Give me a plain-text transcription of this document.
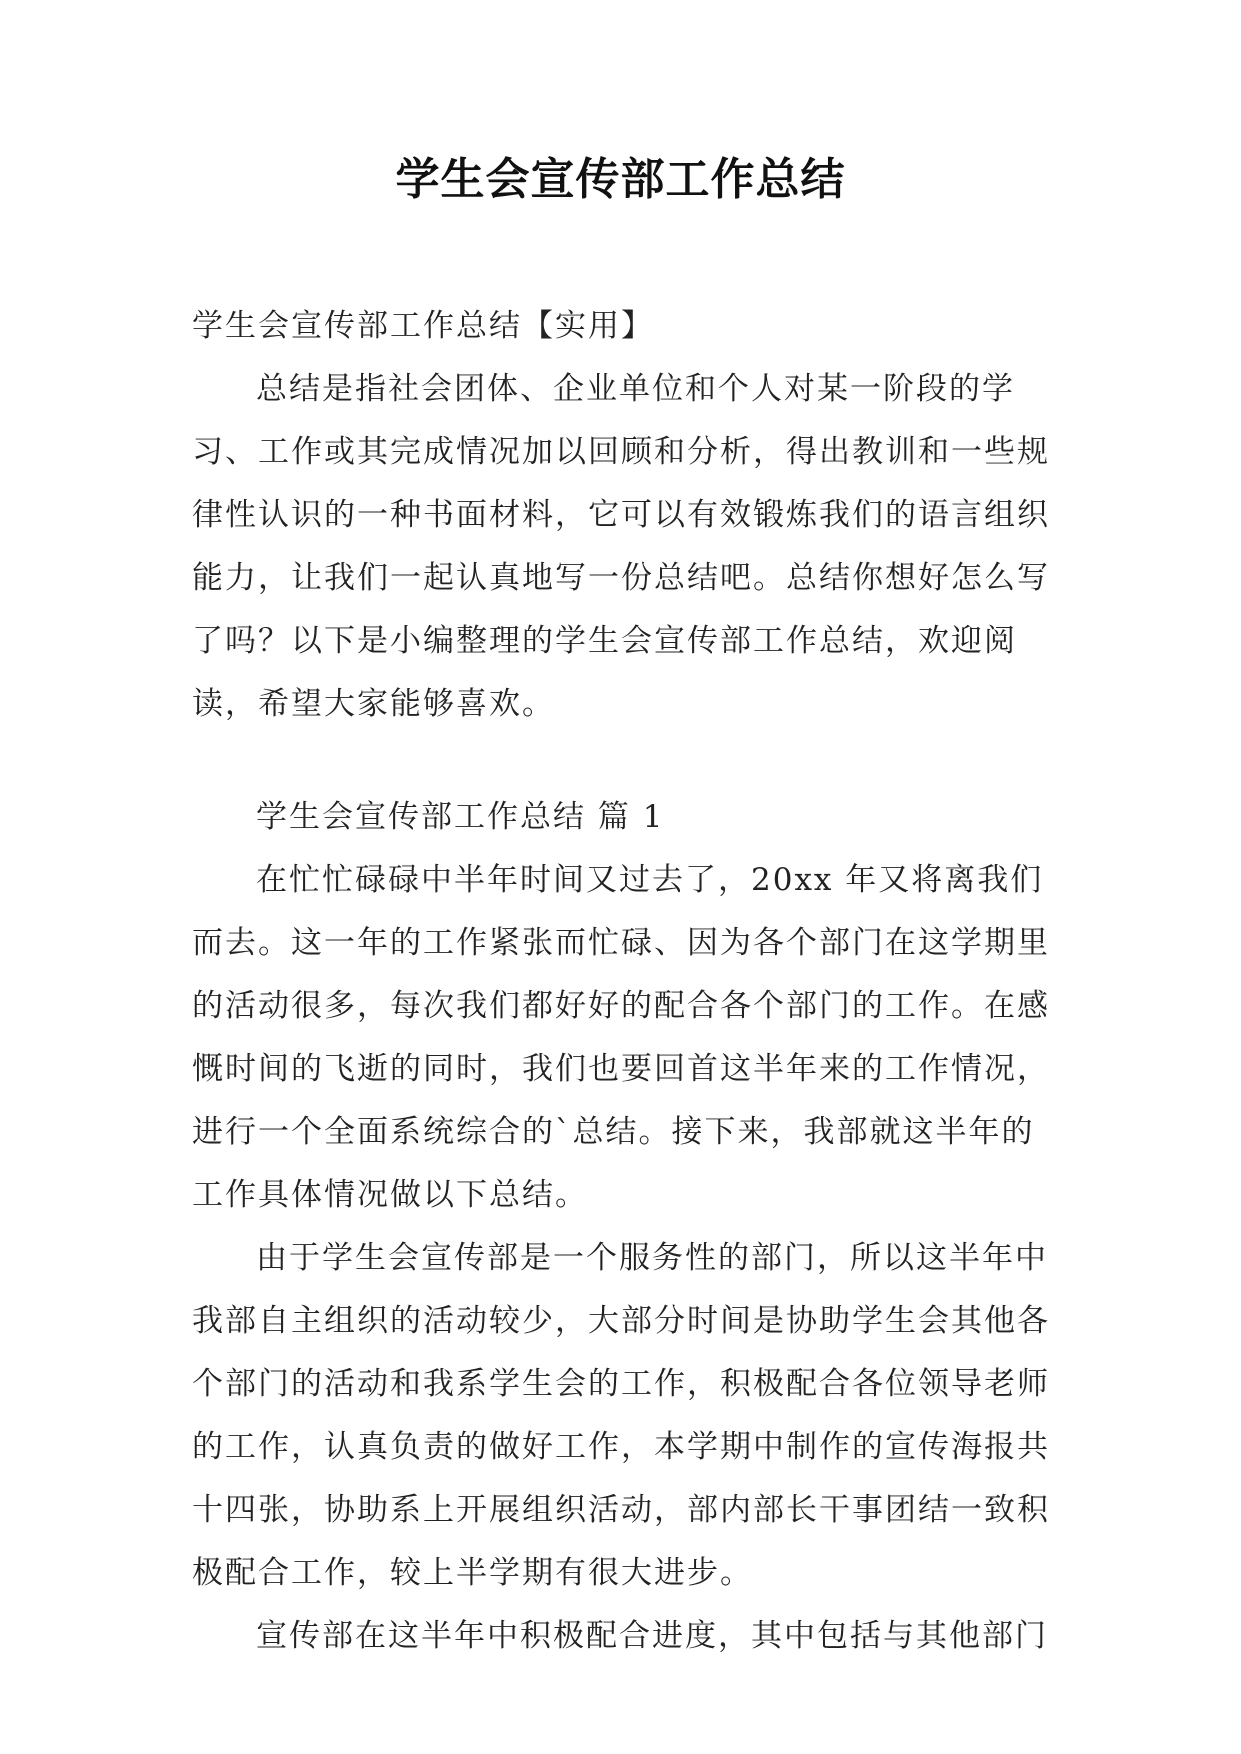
学生会宣传部工作总结

学生会宣传部工作总结【实用】

总结是指社会团体、企业单位和个人对某一阶段的学习、工作或其完成情况加以回顾和分析，得出教训和一些规律性认识的一种书面材料，它可以有效锻炼我们的语言组织能力，让我们一起认真地写一份总结吧。总结你想好怎么写了吗？以下是小编整理的学生会宣传部工作总结，欢迎阅读，希望大家能够喜欢。

学生会宣传部工作总结 篇 1

在忙忙碌碌中半年时间又过去了，20xx 年又将离我们而去。这一年的工作紧张而忙碌、因为各个部门在这学期里的活动很多，每次我们都好好的配合各个部门的工作。在感慨时间的飞逝的同时，我们也要回首这半年来的工作情况，进行一个全面系统综合的`总结。接下来，我部就这半年的工作具体情况做以下总结。

由于学生会宣传部是一个服务性的部门，所以这半年中我部自主组织的活动较少，大部分时间是协助学生会其他各个部门的活动和我系学生会的工作，积极配合各位领导老师的工作，认真负责的做好工作，本学期中制作的宣传海报共十四张，协助系上开展组织活动，部内部长干事团结一致积极配合工作，较上半学期有很大进步。

宣传部在这半年中积极配合进度，其中包括与其他部门
